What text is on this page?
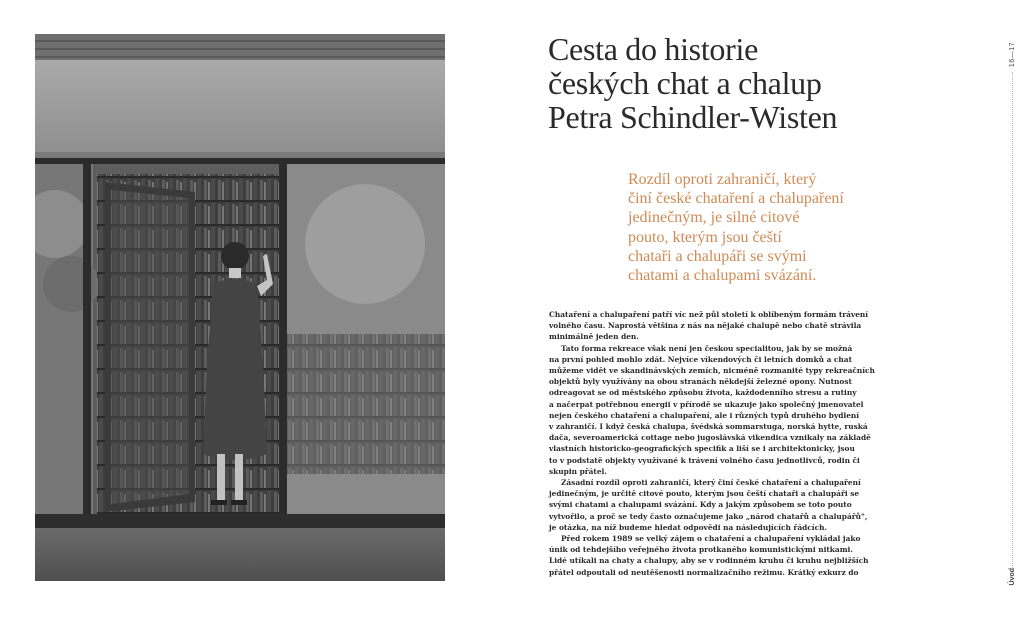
Cesta do historie
českých chat a chalup
Petra Schindler-Wisten
Rozdíl oproti zahraničí, který
činí české chataření a chalupaření
jedinečným, je silné citové
pouto, kterým jsou čeští
chataři a chalupáři se svými
chatami a chalupami svázání.

Chataření a chalupaření patří víc než půl století k oblíbeným formám trávení
volného času. Naprostá většina z nás na nějaké chalupě nebo chatě strávila
minimálně jeden den.

Tato forma rekreace však není jen českou specialitou, jak by se možná
na první pohled mohlo zdát. Nejvíce víkendových či letních domků a chat
můžeme vidět ve skandinávských zemích, nicméně rozmanité typy rekreačních
objektů byly využívány na obou stranách někdejší železné opony. Nutnost
odreagovat se od městského způsobu života, každodenního stresu a rutiny
a načerpat potřebnou energii v přírodě se ukazuje jako společný jmenovatel
nejen českého chataření a chalupaření, ale i různých typů druhého bydlení
v zahraničí. I když česká chalupa, švédská sommarstuga, norská hytte, ruská
dača, severoamerická cottage nebo jugoslávská vikendica vznikaly na základě
vlastních historicko-geografických specifik a liší se i architektonicky, jsou
to v podstatě objekty využívané k trávení volného času jednotlivců, rodin či
skupin přátel.

Zásadní rozdíl oproti zahraničí, který činí české chataření a chalupaření
jedinečným, je určitě citové pouto, kterým jsou čeští chataři a chalupáři se
svými chatami a chalupami svázání. Kdy a jakým způsobem se toto pouto
vytvořilo, a proč se tedy často označujeme jako „národ chatařů a chalupářů",
je otázka, na níž budeme hledat odpovědi na následujících řádcích.

Před rokem 1989 se velký zájem o chataření a chalupaření vykládal jako
únik od tehdejšího veřejného života protkaného komunistickými nitkami.
Lidé utíkali na chaty a chalupy, aby se v rodinném kruhu či kruhu nejbližších
přátel odpoutali od neutěšenosti normalizačního režimu. Krátký exkurz do

16—17
Úvod
